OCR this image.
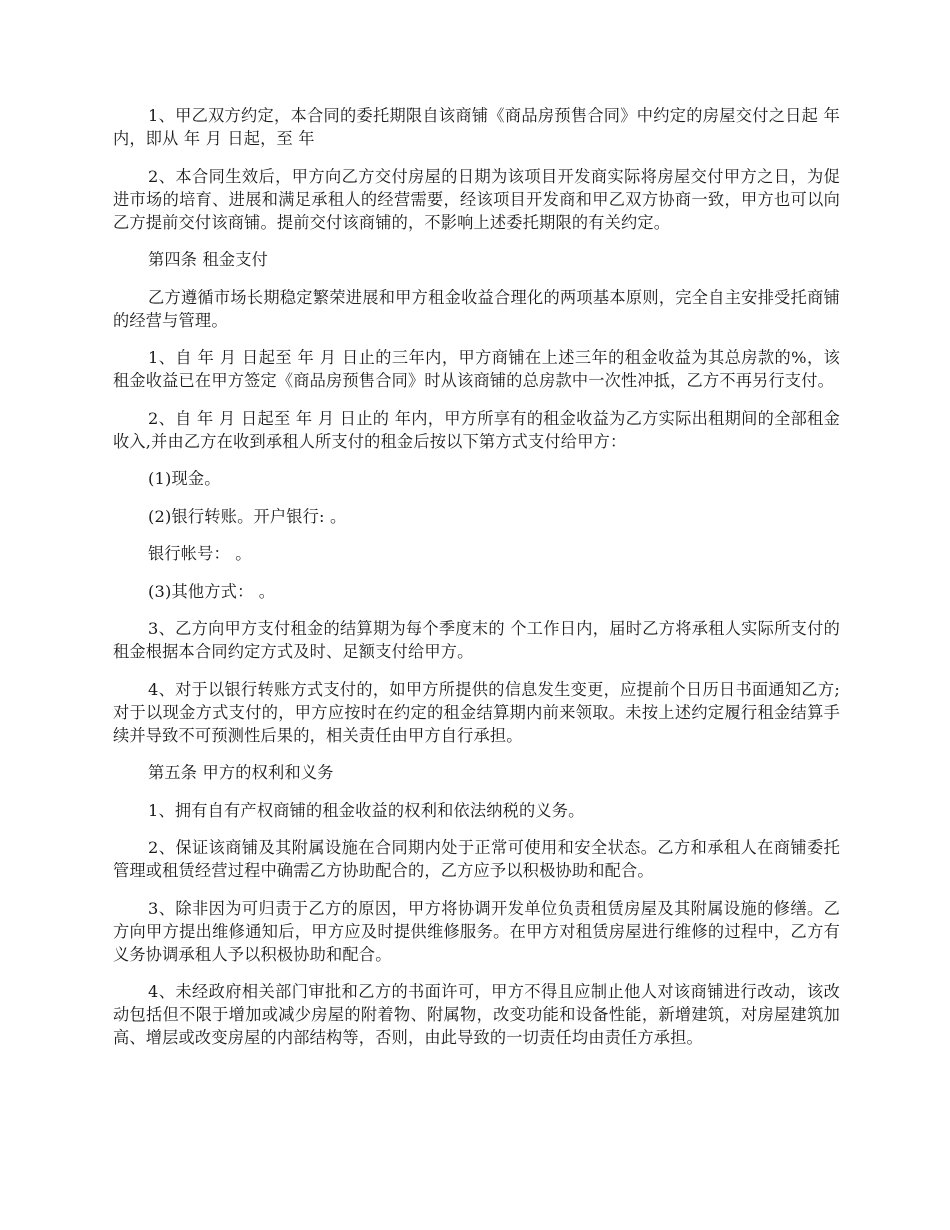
1、甲乙双方约定，本合同的委托期限自该商铺《商品房预售合同》中约定的房屋交付之日起 年内，即从 年 月 日起，至 年

2、本合同生效后，甲方向乙方交付房屋的日期为该项目开发商实际将房屋交付甲方之日，为促进市场的培育、进展和满足承租人的经营需要，经该项目开发商和甲乙双方协商一致，甲方也可以向乙方提前交付该商铺。提前交付该商铺的，不影响上述委托期限的有关约定。

第四条 租金支付

乙方遵循市场长期稳定繁荣进展和甲方租金收益合理化的两项基本原则，完全自主安排受托商铺的经营与管理。

1、自 年 月 日起至 年 月 日止的三年内，甲方商铺在上述三年的租金收益为其总房款的%，该租金收益已在甲方签定《商品房预售合同》时从该商铺的总房款中一次性冲抵，乙方不再另行支付。

2、自 年 月 日起至 年 月 日止的 年内，甲方所享有的租金收益为乙方实际出租期间的全部租金收入,并由乙方在收到承租人所支付的租金后按以下第方式支付给甲方：

(1)现金。

(2)银行转账。开户银行: 。

银行帐号： 。

(3)其他方式： 。

3、乙方向甲方支付租金的结算期为每个季度末的 个工作日内，届时乙方将承租人实际所支付的租金根据本合同约定方式及时、足额支付给甲方。

4、对于以银行转账方式支付的，如甲方所提供的信息发生变更，应提前个日历日书面通知乙方;对于以现金方式支付的，甲方应按时在约定的租金结算期内前来领取。未按上述约定履行租金结算手续并导致不可预测性后果的，相关责任由甲方自行承担。

第五条 甲方的权利和义务

1、拥有自有产权商铺的租金收益的权利和依法纳税的义务。

2、保证该商铺及其附属设施在合同期内处于正常可使用和安全状态。乙方和承租人在商铺委托管理或租赁经营过程中确需乙方协助配合的，乙方应予以积极协助和配合。

3、除非因为可归责于乙方的原因，甲方将协调开发单位负责租赁房屋及其附属设施的修缮。乙方向甲方提出维修通知后，甲方应及时提供维修服务。在甲方对租赁房屋进行维修的过程中，乙方有义务协调承租人予以积极协助和配合。

4、未经政府相关部门审批和乙方的书面许可，甲方不得且应制止他人对该商铺进行改动，该改动包括但不限于增加或减少房屋的附着物、附属物，改变功能和设备性能，新增建筑，对房屋建筑加高、增层或改变房屋的内部结构等，否则，由此导致的一切责任均由责任方承担。
